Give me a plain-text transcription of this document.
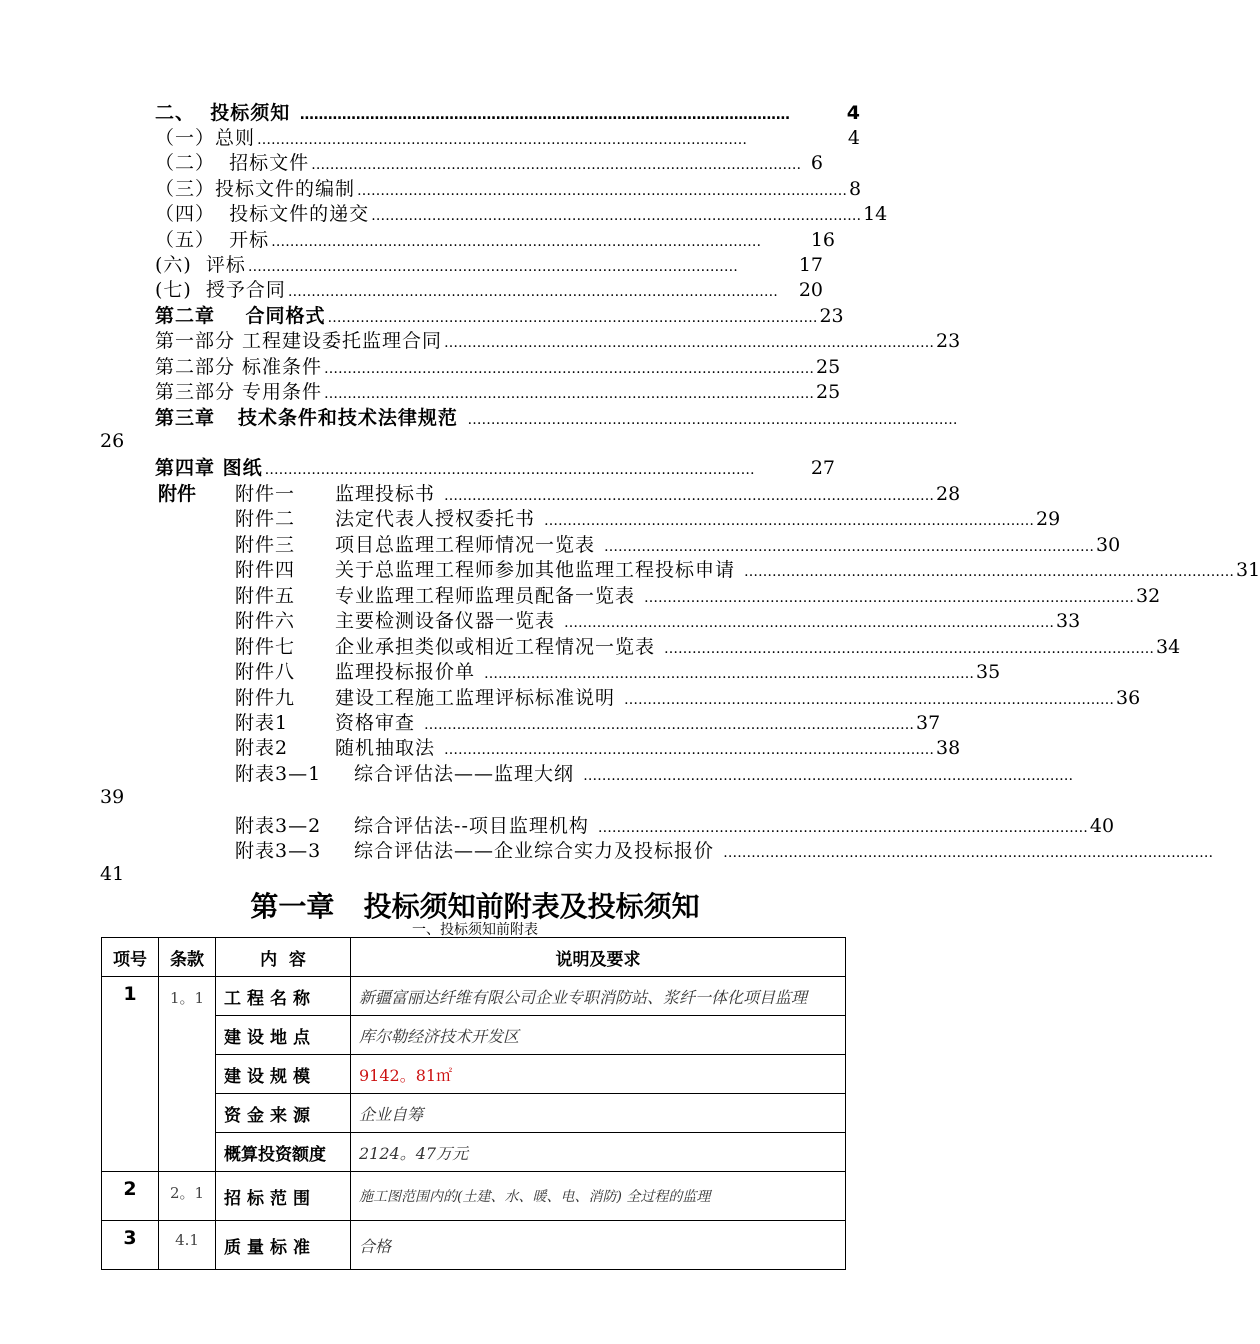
二、  投标须知 ……………………………………………………………………………………………	4
（一）总则 ……………………………………………………………………………………………	4
（二）  招标文件 …………………………………………………………………………………………… 6
（三）投标文件的编制 …………………………………………………………………………………………… 8
（四）  投标文件的递交 …………………………………………………………………………………………… 14
（五）  开标 ……………………………………………………………………………………………	16
(六)  评标 ……………………………………………………………………………………………	17
(七)  授予合同 ……………………………………………………………………………………………	20
第二章    合同格式 …………………………………………………………………………………………… 23
第一部分 工程建设委托监理合同 …………………………………………………………………………………………… 23
第二部分 标准条件 …………………………………………………………………………………………… 25
第三部分 专用条件 …………………………………………………………………………………………… 25
第三章   技术条件和技术法律规范 ……………………………………………………………………………………………
26
第四章 图纸 ……………………………………………………………………………………………	27
附件 附件一	监理投标书 …………………………………………………………………………………………… 28
附件二	法定代表人授权委托书 …………………………………………………………………………………………… 29
附件三	项目总监理工程师情况一览表 …………………………………………………………………………………………… 30
附件四	关于总监理工程师参加其他监理工程投标申请 …………………………………………………………………………………………… 31
附件五	专业监理工程师监理员配备一览表 …………………………………………………………………………………………… 32
附件六	主要检测设备仪器一览表 …………………………………………………………………………………………… 33
附件七	企业承担类似或相近工程情况一览表 …………………………………………………………………………………………… 34
附件八	监理投标报价单 …………………………………………………………………………………………… 35
附件九	建设工程施工监理评标标准说明 …………………………………………………………………………………………… 36
附表1	资格审查 …………………………………………………………………………………………… 37
附表2	随机抽取法 …………………………………………………………………………………………… 38
附表3—1	综合评估法——监理大纲 ……………………………………………………………………………………………
39
附表3—2	综合评估法--项目监理机构 …………………………………………………………………………………………… 40
附表3—3	综合评估法——企业综合实力及投标报价 ……………………………………………………………………………………………
41
第一章   投标须知前附表及投标须知
一、投标须知前附表
项号	条款	内  容	说明及要求
1	1。1	工程名称	新疆富丽达纤维有限公司企业专职消防站、浆纤一体化项目监理
		建设地点	库尔勒经济技术开发区
		建设规模	9142。81㎡
		资金来源	企业自筹
		概算投资额度	2124。47万元
2	2。1	招标范围	施工图范围内的(土建、水、暖、电、消防) 全过程的监理
3	4.1	质量标准	合格
